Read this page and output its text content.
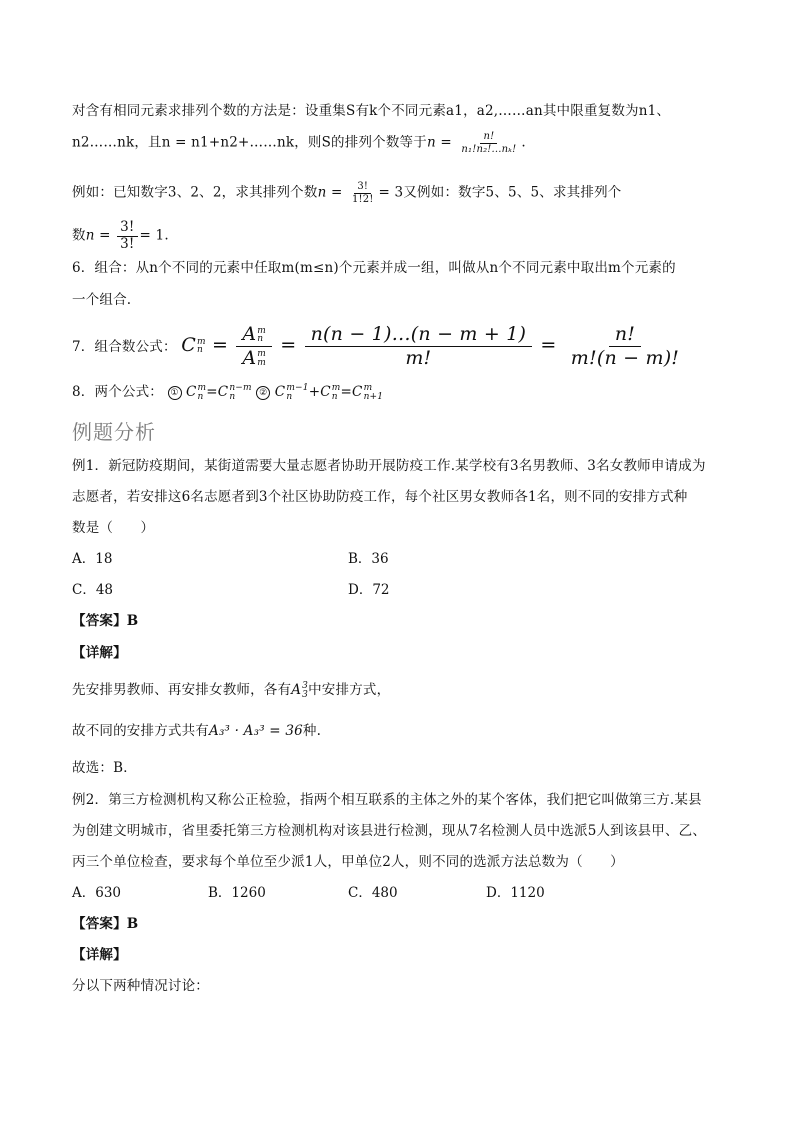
对含有相同元素求排列个数的方法是：设重集S有k个不同元素a1，a2,……an其中限重复数为n1、
n2……nk，且n = n1+n2+……nk，则S的排列个数等于$n = \frac{n!}{\text{n₁!n₂!...nₖ!}}$ .
例如：已知数字3、2、2，求其排列个数$n = \frac{3!}{1!2!} = 3$又例如：数字5、5、5、求其排列个
数$n = \frac{3!}{3!} = 1$.
6．组合：从n个不同的元素中任取m(m≤n)个元素并成一组，叫做从n个不同元素中取出m个元素的
一个组合.
7．组合数公式： C m
n = A m
n
A m
$m = \frac{n(n - 1)\dots(n - m + 1)}{m!} = \frac{n!}{m!(n - m)!}$
8．两个公式： ① C m
n =C n−m
n	② C m−1
n	+C m
n =C m
n+1
例题分析
例1．新冠防疫期间，某街道需要大量志愿者协助开展防疫工作.某学校有3名男教师、3名女教师申请成为
志愿者，若安排这6名志愿者到3个社区协助防疫工作，每个社区男女教师各1名，则不同的安排方式种
数是（　　）
A．18	B．36
C．48	D．72
【答案】B
【详解】
先安排男教师、再安排女教师，各有A 3
3 中安排方式，
故不同的安排方式共有A₃³ · A₃³ = 36种.
故选：B．
例2．第三方检测机构又称公正检验，指两个相互联系的主体之外的某个客体，我们把它叫做第三方.某县
为创建文明城市，省里委托第三方检测机构对该县进行检测，现从7名检测人员中选派5人到该县甲、乙、
丙三个单位检查，要求每个单位至少派1人，甲单位2人，则不同的选派方法总数为（　　）
A．630	B．1260	C．480	D．1120
【答案】B
【详解】
分以下两种情况讨论：
